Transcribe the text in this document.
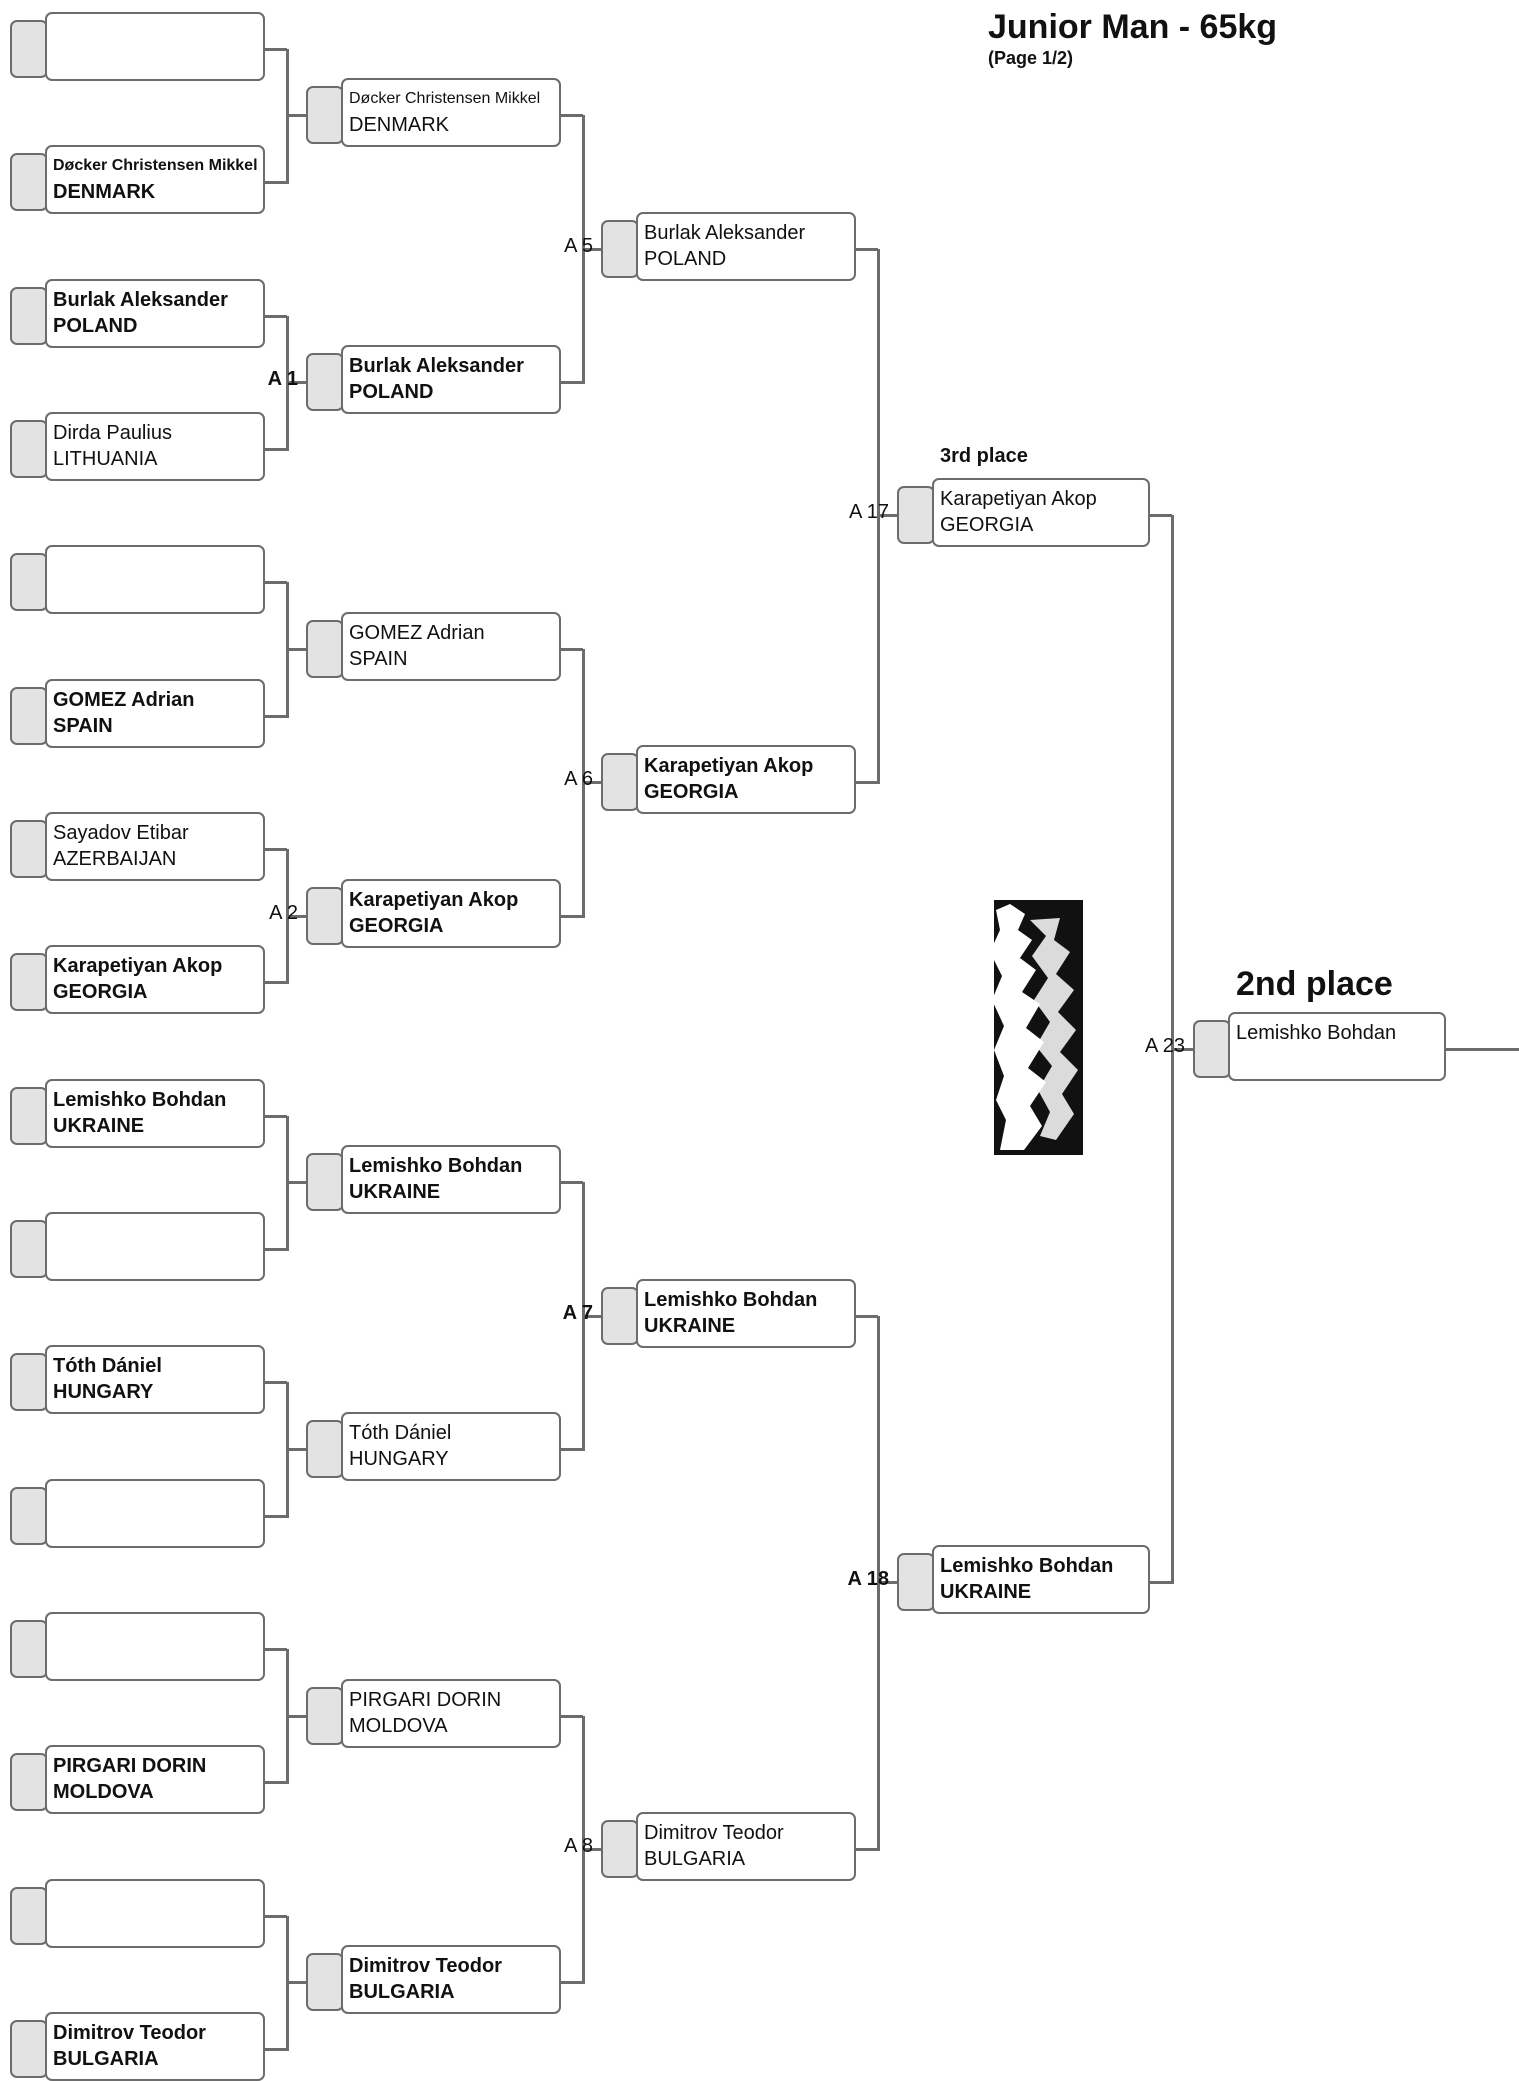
Junior Man - 65kg
(Page 1/2)
3rd place
2nd place
Døcker Christensen Mikkel
DENMARK
Burlak Aleksander
POLAND
Dirda Paulius
LITHUANIA
GOMEZ Adrian
SPAIN
Sayadov Etibar
AZERBAIJAN
Karapetiyan Akop
GEORGIA
Lemishko Bohdan
UKRAINE
Tóth Dániel
HUNGARY
PIRGARI DORIN
MOLDOVA
Dimitrov Teodor
BULGARIA
Døcker Christensen Mikkel
DENMARK
Burlak Aleksander
POLAND
GOMEZ Adrian
SPAIN
Karapetiyan Akop
GEORGIA
Lemishko Bohdan
UKRAINE
Tóth Dániel
HUNGARY
PIRGARI DORIN
MOLDOVA
Dimitrov Teodor
BULGARIA
Burlak Aleksander
POLAND
Karapetiyan Akop
GEORGIA
Lemishko Bohdan
UKRAINE
Dimitrov Teodor
BULGARIA
Karapetiyan Akop
GEORGIA
Lemishko Bohdan
UKRAINE
Lemishko Bohdan
A 1
A 2
A 5
A 6
A 7
A 8
A 17
A 18
A 23
